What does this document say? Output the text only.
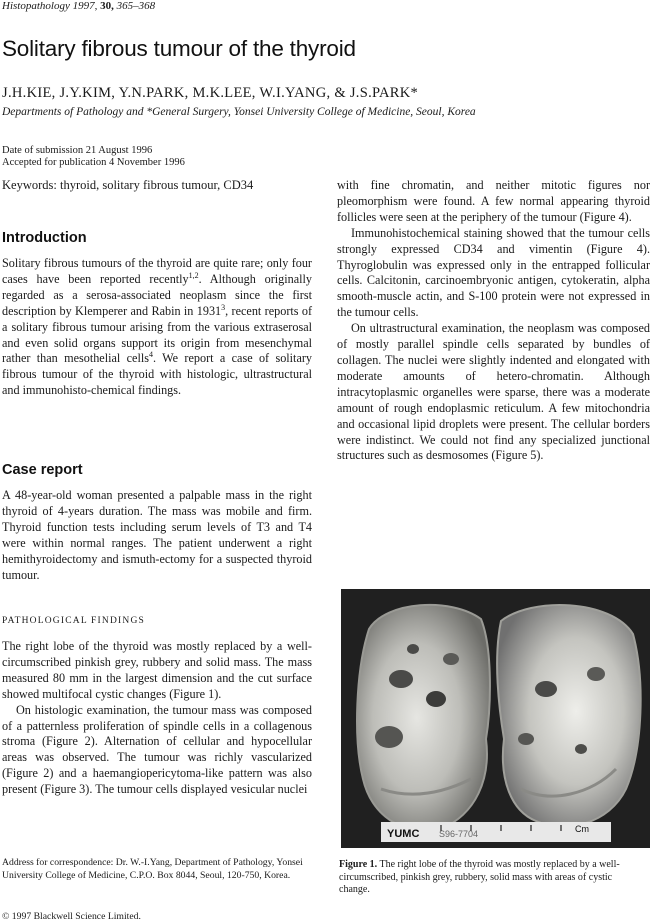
Histopathology 1997, 30, 365–368
Solitary fibrous tumour of the thyroid
J.H.KIE, J.Y.KIM, Y.N.PARK, M.K.LEE, W.I.YANG, & J.S.PARK*
Departments of Pathology and *General Surgery, Yonsei University College of Medicine, Seoul, Korea
Date of submission 21 August 1996
Accepted for publication 4 November 1996
Keywords: thyroid, solitary fibrous tumour, CD34
Introduction

Solitary fibrous tumours of the thyroid are quite rare; only four cases have been reported recently$^{1,2}$. Although originally regarded as a serosa-associated neoplasm since the first description by Klemperer and Rabin in 1931$^3$, recent reports of a solitary fibrous tumour arising from the various extraserosal and even solid organs support its origin from mesenchymal rather than mesothelial cells$^4$. We report a case of solitary fibrous tumour of the thyroid with histologic, ultrastructural and immunohisto-chemical findings.

Case report

A 48-year-old woman presented a palpable mass in the right thyroid of 4-years duration. The mass was mobile and firm. Thyroid function tests including serum levels of T3 and T4 were within normal ranges. The patient underwent a right hemithyroidectomy and ismuth-ectomy for a suspected thyroid tumour.

PATHOLOGICAL FINDINGS

The right lobe of the thyroid was mostly replaced by a well-circumscribed pinkish grey, rubbery and solid mass. The mass measured 80 mm in the largest dimension and the cut surface showed multifocal cystic changes (Figure 1).

On histologic examination, the tumour mass was composed of a patternless proliferation of spindle cells in a collagenous stroma (Figure 2). Alternation of cellular and hypocellular areas was observed. The tumour was richly vascularized (Figure 2) and a haemangiopericytoma-like pattern was also present (Figure 3). The tumour cells displayed vesicular nuclei

with fine chromatin, and neither mitotic figures nor pleomorphism were found. A few normal appearing thyroid follicles were seen at the periphery of the tumour (Figure 4).

Immunohistochemical staining showed that the tumour cells strongly expressed CD34 and vimentin (Figure 4). Thyroglobulin was expressed only in the entrapped follicular cells. Calcitonin, carcinoembryonic antigen, cytokeratin, alpha smooth-muscle actin, and S-100 protein were not expressed in the tumour cells.

On ultrastructural examination, the neoplasm was composed of mostly parallel spindle cells separated by bundles of collagen. The nuclei were slightly indented and elongated with moderate amounts of hetero-chromatin. Although intracytoplasmic organelles were sparse, there was a moderate amount of rough endoplasmic reticulum. A few mitochondria and occasional lipid droplets were present. The cellular borders were indistinct. We could not find any specialized junctional structures such as desmosomes (Figure 5).

YUMC S96-7704	Cm
Figure 1. The right lobe of the thyroid was mostly replaced by a well-circumscribed, pinkish grey, rubbery, solid mass with areas of cystic change.
Address for correspondence: Dr. W.-I.Yang, Department of Pathology, Yonsei University College of Medicine, C.P.O. Box 8044, Seoul, 120-750, Korea.
© 1997 Blackwell Science Limited.
